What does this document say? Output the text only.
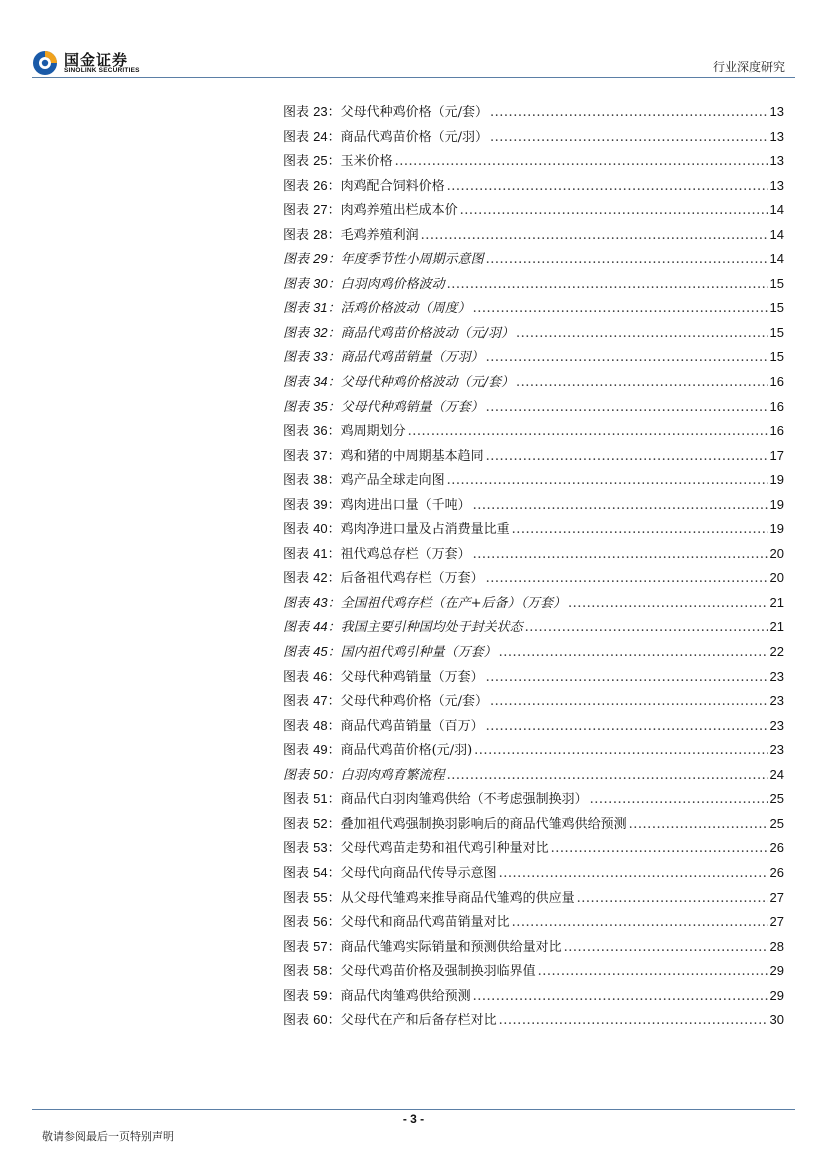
国金证券
SINOLINK SECURITIES	行业深度研究
图表 23：父母代种鸡价格（元/套） .....	13
图表 24：商品代鸡苗价格（元/羽） .....	13
图表 25：玉米价格 .....	13
图表 26：肉鸡配合饲料价格 .....	13
图表 27：肉鸡养殖出栏成本价 .....	14
图表 28：毛鸡养殖利润 .....	14
图表 29：年度季节性小周期示意图 .....	14
图表 30：白羽肉鸡价格波动 .....	15
图表 31：活鸡价格波动（周度） .....	15
图表 32：商品代鸡苗价格波动（元/羽） .....	15
图表 33：商品代鸡苗销量（万羽） .....	15
图表 34：父母代种鸡价格波动（元/套） .....	16
图表 35：父母代种鸡销量（万套） .....	16
图表 36：鸡周期划分 .....	16
图表 37：鸡和猪的中周期基本趋同 .....	17
图表 38：鸡产品全球走向图 .....	19
图表 39：鸡肉进出口量（千吨） .....	19
图表 40：鸡肉净进口量及占消费量比重 .....	19
图表 41：祖代鸡总存栏（万套） .....	20
图表 42：后备祖代鸡存栏（万套） .....	20
图表 43：全国祖代鸡存栏（在产+后备）（万套） .....	21
图表 44：我国主要引种国均处于封关状态 .....	21
图表 45：国内祖代鸡引种量（万套） .....	22
图表 46：父母代种鸡销量（万套） .....	23
图表 47：父母代种鸡价格（元/套） .....	23
图表 48：商品代鸡苗销量（百万） .....	23
图表 49：商品代鸡苗价格(元/羽) .....	23
图表 50：白羽肉鸡育繁流程 .....	24
图表 51：商品代白羽肉雏鸡供给（不考虑强制换羽） .....	25
图表 52：叠加祖代鸡强制换羽影响后的商品代雏鸡供给预测 .....	25
图表 53：父母代鸡苗走势和祖代鸡引种量对比 .....	26
图表 54：父母代向商品代传导示意图 .....	26
图表 55：从父母代雏鸡来推导商品代雏鸡的供应量 .....	27
图表 56：父母代和商品代鸡苗销量对比 .....	27
图表 57：商品代雏鸡实际销量和预测供给量对比 .....	28
图表 58：父母代鸡苗价格及强制换羽临界值 .....	29
图表 59：商品代肉雏鸡供给预测 .....	29
图表 60：父母代在产和后备存栏对比 .....	30
- 3 -
敬请参阅最后一页特别声明
